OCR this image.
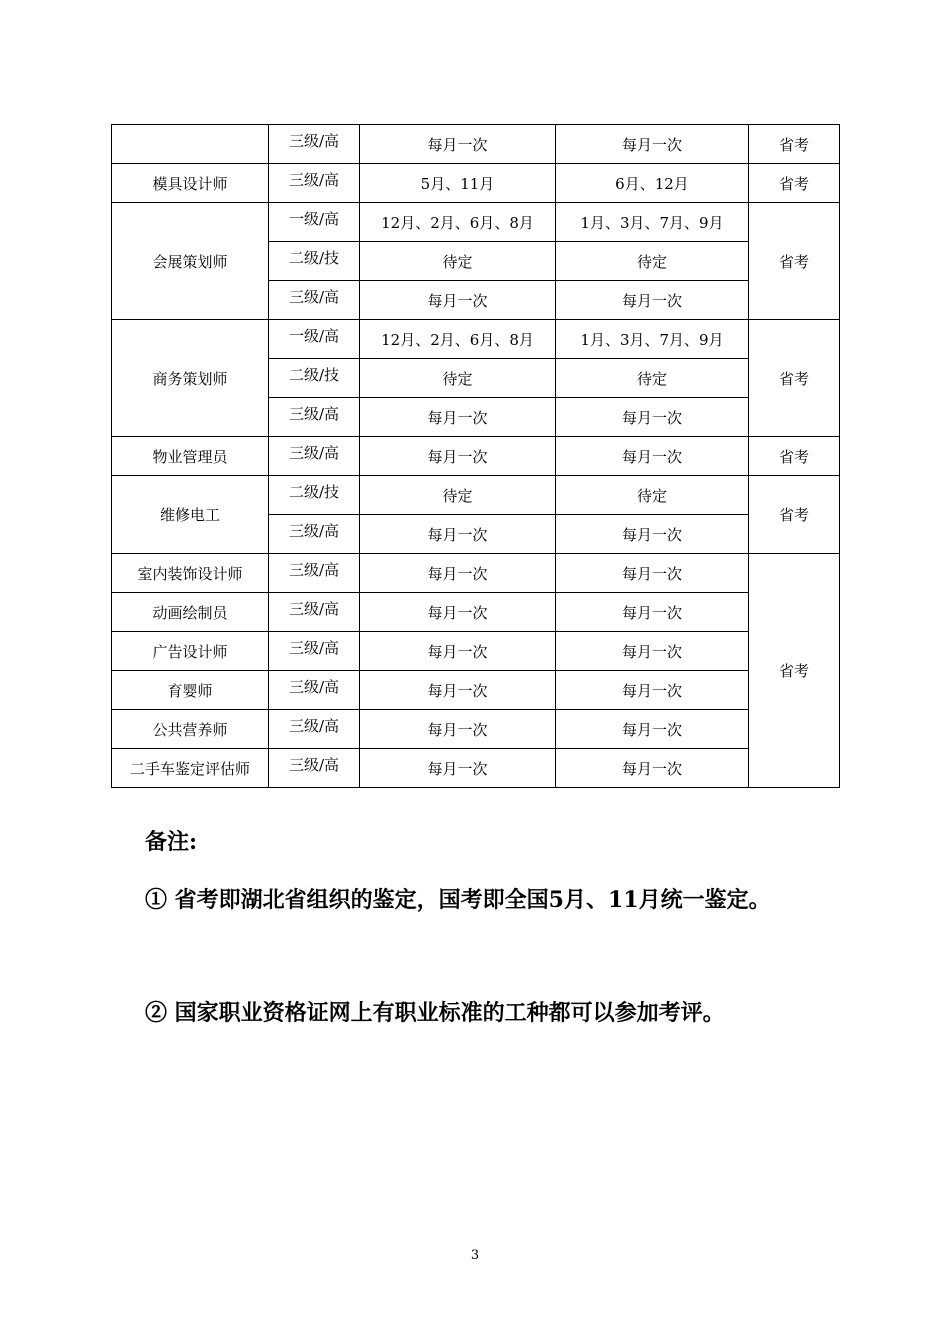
	三级/高	每月一次	每月一次	省考
模具设计师	三级/高	5月、11月	6月、12月	省考
会展策划师	一级/高	12月、2月、6月、8月	1月、3月、7月、9月	省考
	二级/技	待定	待定	
	三级/高	每月一次	每月一次	
商务策划师	一级/高	12月、2月、6月、8月	1月、3月、7月、9月	省考
	二级/技	待定	待定	
	三级/高	每月一次	每月一次	
物业管理员	三级/高	每月一次	每月一次	省考
维修电工	二级/技	待定	待定	省考
	三级/高	每月一次	每月一次	
室内装饰设计师	三级/高	每月一次	每月一次	省考
动画绘制员	三级/高	每月一次	每月一次	
广告设计师	三级/高	每月一次	每月一次	
育婴师	三级/高	每月一次	每月一次	
公共营养师	三级/高	每月一次	每月一次	
二手车鉴定评估师	三级/高	每月一次	每月一次	

备注:

① 省考即湖北省组织的鉴定，国考即全国5月、11月统一鉴定。

② 国家职业资格证网上有职业标准的工种都可以参加考评。

3
